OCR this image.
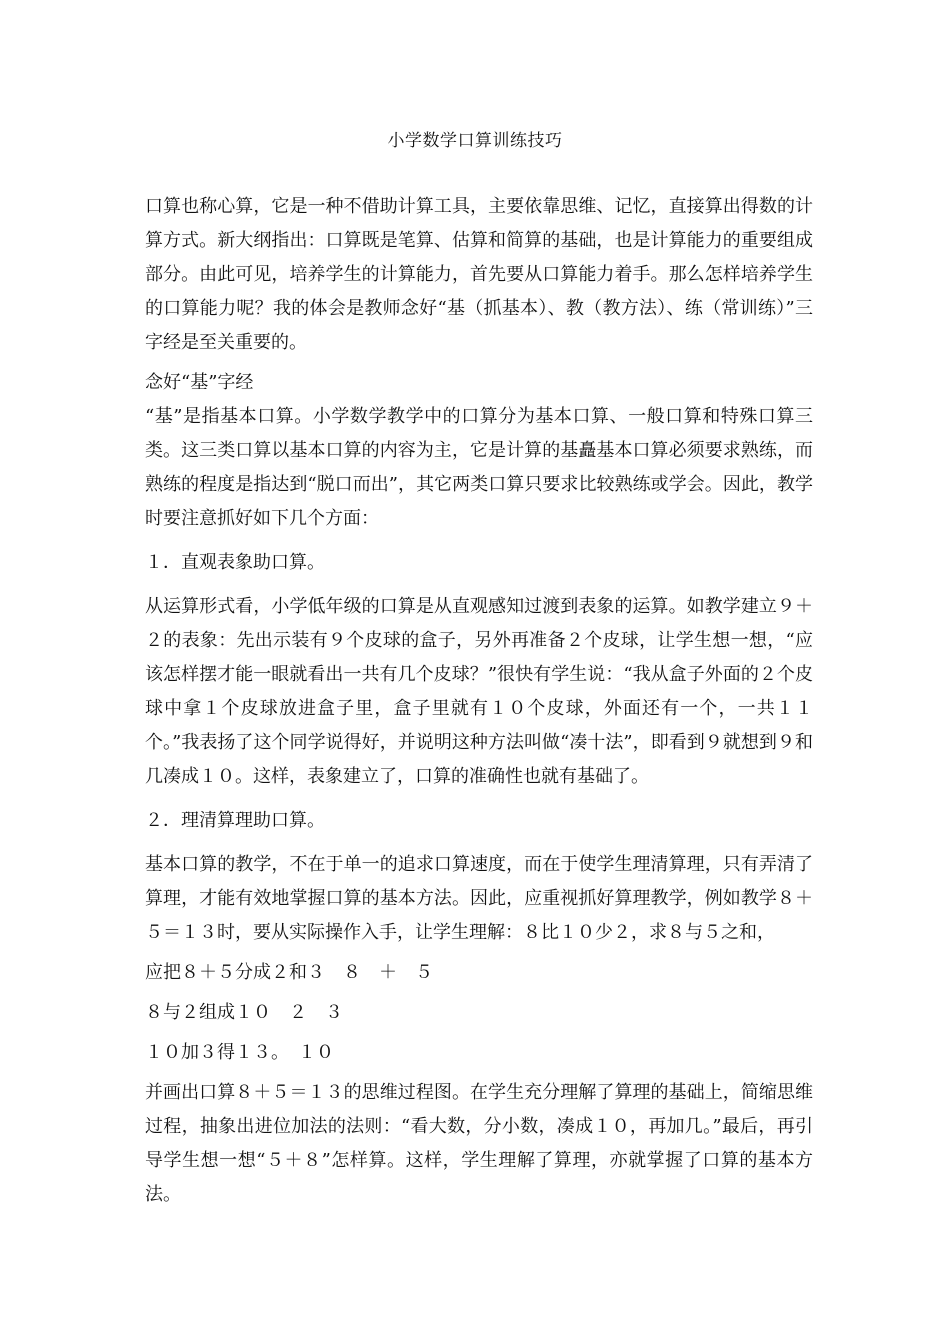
小学数学口算训练技巧

口算也称心算，它是一种不借助计算工具，主要依靠思维、记忆，直接算出得数的计算方式。新大纲指出：口算既是笔算、估算和简算的基础，也是计算能力的重要组成部分。由此可见，培养学生的计算能力，首先要从口算能力着手。那么怎样培养学生的口算能力呢？我的体会是教师念好“基（抓基本）、教（教方法）、练（常训练）”三字经是至关重要的。

念好“基”字经

“基”是指基本口算。小学数学教学中的口算分为基本口算、一般口算和特殊口算三类。这三类口算以基本口算的内容为主，它是计算的基矗基本口算必须要求熟练，而熟练的程度是指达到“脱口而出”，其它两类口算只要求比较熟练或学会。因此，教学时要注意抓好如下几个方面：

１．直观表象助口算。

从运算形式看，小学低年级的口算是从直观感知过渡到表象的运算。如教学建立９＋２的表象：先出示装有９个皮球的盒子，另外再准备２个皮球，让学生想一想，“应该怎样摆才能一眼就看出一共有几个皮球？”很快有学生说：“我从盒子外面的２个皮球中拿１个皮球放进盒子里，盒子里就有１０个皮球，外面还有一个，一共１１个。”我表扬了这个同学说得好，并说明这种方法叫做“凑十法”，即看到９就想到９和几凑成１０。这样，表象建立了，口算的准确性也就有基础了。

２．理清算理助口算。

基本口算的教学，不在于单一的追求口算速度，而在于使学生理清算理，只有弄清了算理，才能有效地掌握口算的基本方法。因此，应重视抓好算理教学，例如教学８＋５＝１３时，要从实际操作入手，让学生理解：８比１０少２，求８与５之和，

应把８＋５分成２和３　８　＋　５

８与２组成１０　２　３

１０加３得１３。　１０

并画出口算８＋５＝１３的思维过程图。在学生充分理解了算理的基础上，简缩思维过程，抽象出进位加法的法则：“看大数，分小数，凑成１０，再加几。”最后，再引导学生想一想“５＋８”怎样算。这样，学生理解了算理，亦就掌握了口算的基本方法。
